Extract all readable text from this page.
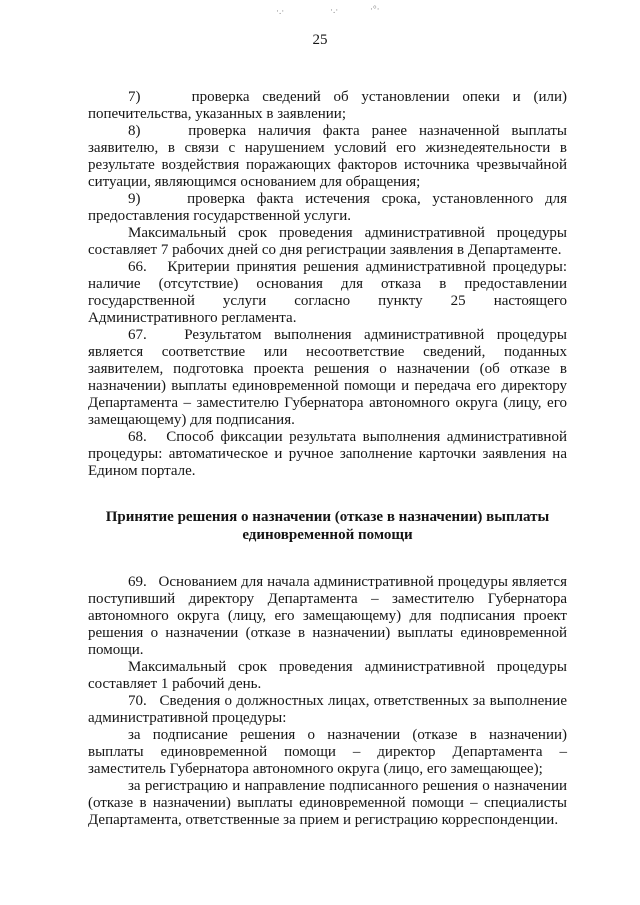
·.·	·.·	·°·
25

7)    проверка сведений об установлении опеки и (или) попечительства, указанных в заявлении;

8)    проверка наличия факта ранее назначенной выплаты заявителю, в связи с нарушением условий его жизнедеятельности в результате воздействия поражающих факторов источника чрезвычайной ситуации, являющимся основанием для обращения;

9)    проверка факта истечения срока, установленного для предоставления государственной услуги.

Максимальный срок проведения административной процедуры составляет 7 рабочих дней со дня регистрации заявления в Департаменте.

66.   Критерии принятия решения административной процедуры: наличие (отсутствие) основания для отказа в предоставлении государственной услуги согласно пункту 25 настоящего Административного регламента.

67.   Результатом выполнения административной процедуры является соответствие или несоответствие сведений, поданных заявителем, подготовка проекта решения о назначении (об отказе в назначении) выплаты единовременной помощи и передача его директору Департамента – заместителю Губернатора автономного округа (лицу, его замещающему) для подписания.

68.   Способ фиксации результата выполнения административной процедуры: автоматическое и ручное заполнение карточки заявления на Едином портале.

Принятие решения о назначении (отказе в назначении) выплаты
единовременной помощи

69.   Основанием для начала административной процедуры является поступивший директору Департамента – заместителю Губернатора автономного округа (лицу, его замещающему) для подписания проект решения о назначении (отказе в назначении) выплаты единовременной помощи.

Максимальный срок проведения административной процедуры составляет 1 рабочий день.

70.   Сведения о должностных лицах, ответственных за выполнение административной процедуры:

за подписание решения о назначении (отказе в назначении) выплаты единовременной помощи – директор Департамента – заместитель Губернатора автономного округа (лицо, его замещающее);

за регистрацию и направление подписанного решения о назначении (отказе в назначении) выплаты единовременной помощи – специалисты Департамента, ответственные за прием и регистрацию корреспонденции.
